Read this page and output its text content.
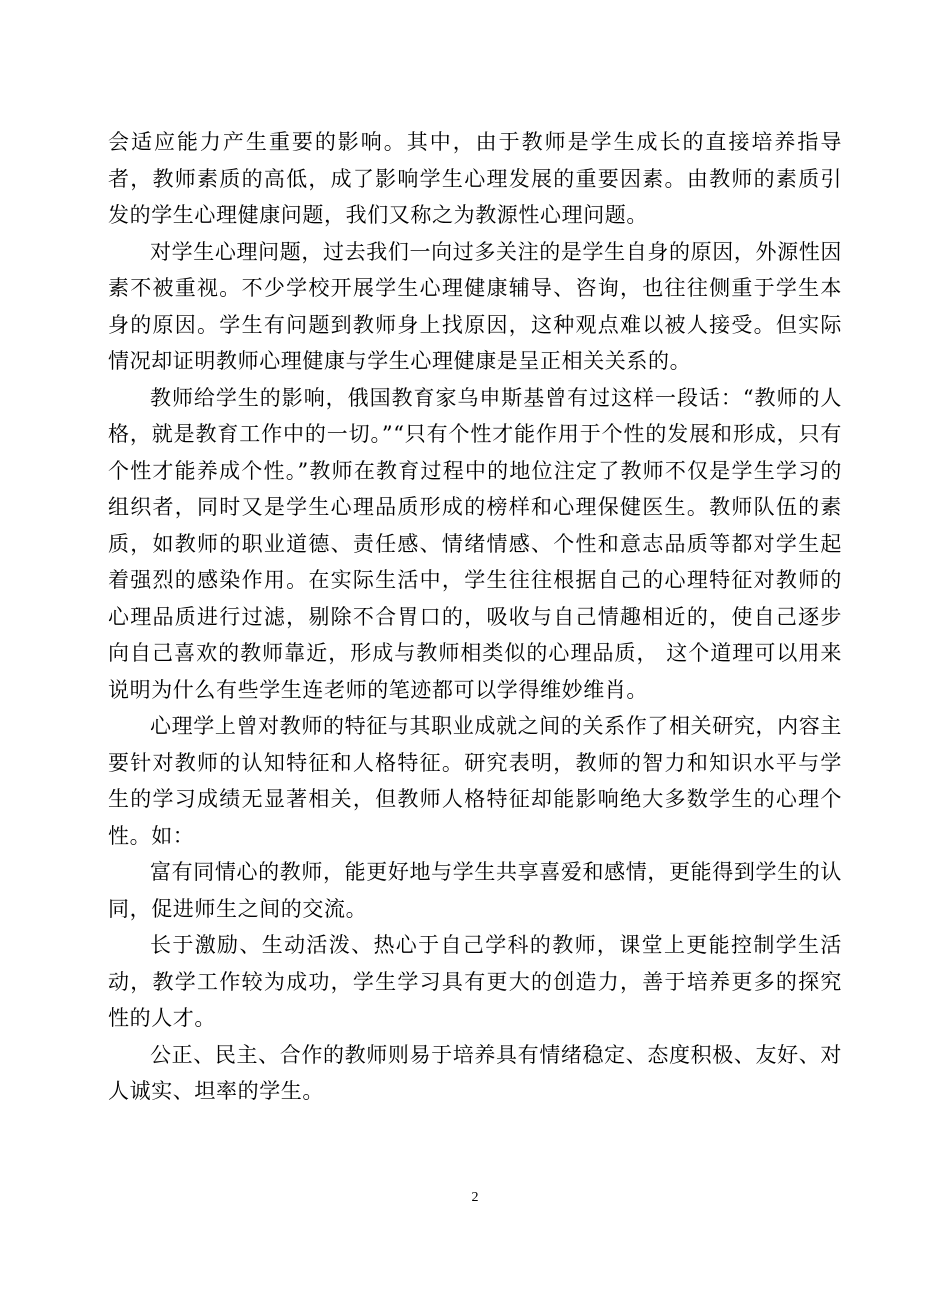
会适应能力产生重要的影响。其中，由于教师是学生成长的直接培养指导者，教师素质的高低，成了影响学生心理发展的重要因素。由教师的素质引发的学生心理健康问题，我们又称之为教源性心理问题。

对学生心理问题，过去我们一向过多关注的是学生自身的原因，外源性因素不被重视。不少学校开展学生心理健康辅导、咨询，也往往侧重于学生本身的原因。学生有问题到教师身上找原因，这种观点难以被人接受。但实际情况却证明教师心理健康与学生心理健康是呈正相关关系的。

教师给学生的影响，俄国教育家乌申斯基曾有过这样一段话：“教师的人格，就是教育工作中的一切。”“只有个性才能作用于个性的发展和形成，只有个性才能养成个性。”教师在教育过程中的地位注定了教师不仅是学生学习的组织者，同时又是学生心理品质形成的榜样和心理保健医生。教师队伍的素质，如教师的职业道德、责任感、情绪情感、个性和意志品质等都对学生起着强烈的感染作用。在实际生活中，学生往往根据自己的心理特征对教师的心理品质进行过滤，剔除不合胃口的，吸收与自己情趣相近的，使自己逐步向自己喜欢的教师靠近，形成与教师相类似的心理品质， 这个道理可以用来说明为什么有些学生连老师的笔迹都可以学得维妙维肖。

心理学上曾对教师的特征与其职业成就之间的关系作了相关研究，内容主要针对教师的认知特征和人格特征。研究表明，教师的智力和知识水平与学生的学习成绩无显著相关，但教师人格特征却能影响绝大多数学生的心理个性。如：

富有同情心的教师，能更好地与学生共享喜爱和感情，更能得到学生的认同，促进师生之间的交流。

长于激励、生动活泼、热心于自己学科的教师，课堂上更能控制学生活动，教学工作较为成功，学生学习具有更大的创造力，善于培养更多的探究性的人才。

公正、民主、合作的教师则易于培养具有情绪稳定、态度积极、友好、对人诚实、坦率的学生。

2
